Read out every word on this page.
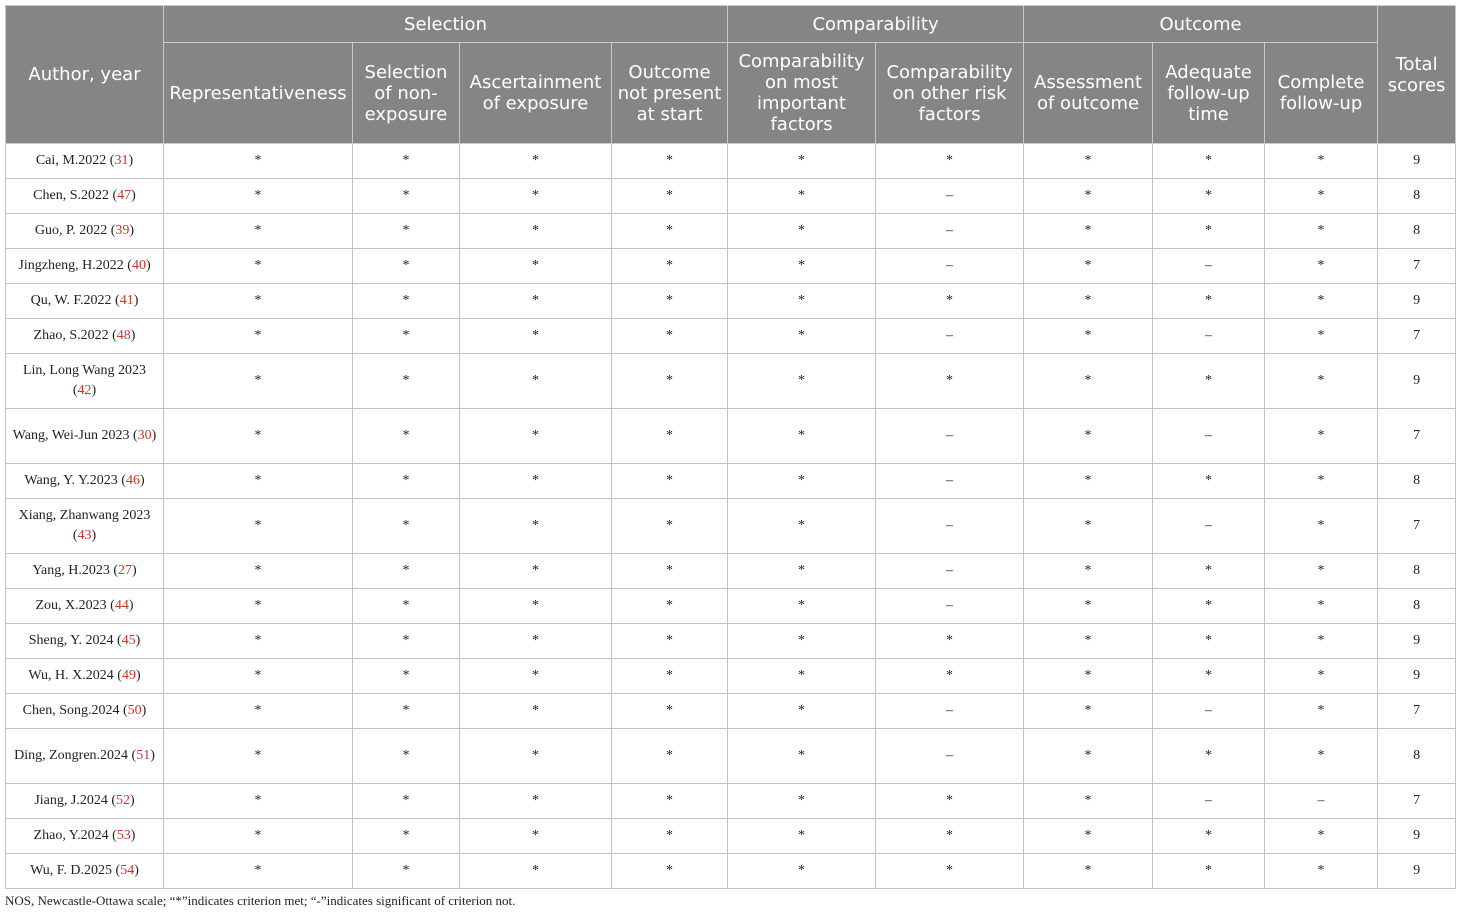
Author, year	Selection				Comparability		Outcome			Total scores
	Representativeness	Selection of non-exposure	Ascertainment of exposure	Outcome not present at start	Comparability on most important factors	Comparability on other risk factors	Assessment of outcome	Adequate follow-up time	Complete follow-up	
Cai, M.2022 (31)	*	*	*	*	*	*	*	*	*	9
Chen, S.2022 (47)	*	*	*	*	*	–	*	*	*	8
Guo, P. 2022 (39)	*	*	*	*	*	–	*	*	*	8
Jingzheng, H.2022 (40)	*	*	*	*	*	–	*	–	*	7
Qu, W. F.2022 (41)	*	*	*	*	*	*	*	*	*	9
Zhao, S.2022 (48)	*	*	*	*	*	–	*	–	*	7
Lin, Long Wang 2023 (42)	*	*	*	*	*	*	*	*	*	9
Wang, Wei-Jun 2023 (30)	*	*	*	*	*	–	*	–	*	7
Wang, Y. Y.2023 (46)	*	*	*	*	*	–	*	*	*	8
Xiang, Zhanwang 2023 (43)	*	*	*	*	*	–	*	–	*	7
Yang, H.2023 (27)	*	*	*	*	*	–	*	*	*	8
Zou, X.2023 (44)	*	*	*	*	*	–	*	*	*	8
Sheng, Y. 2024 (45)	*	*	*	*	*	*	*	*	*	9
Wu, H. X.2024 (49)	*	*	*	*	*	*	*	*	*	9
Chen, Song.2024 (50)	*	*	*	*	*	–	*	–	*	7
Ding, Zongren.2024 (51)	*	*	*	*	*	–	*	*	*	8
Jiang, J.2024 (52)	*	*	*	*	*	*	*	–	–	7
Zhao, Y.2024 (53)	*	*	*	*	*	*	*	*	*	9
Wu, F. D.2025 (54)	*	*	*	*	*	*	*	*	*	9
NOS, Newcastle-Ottawa scale; “*”indicates criterion met; “-”indicates significant of criterion not.
